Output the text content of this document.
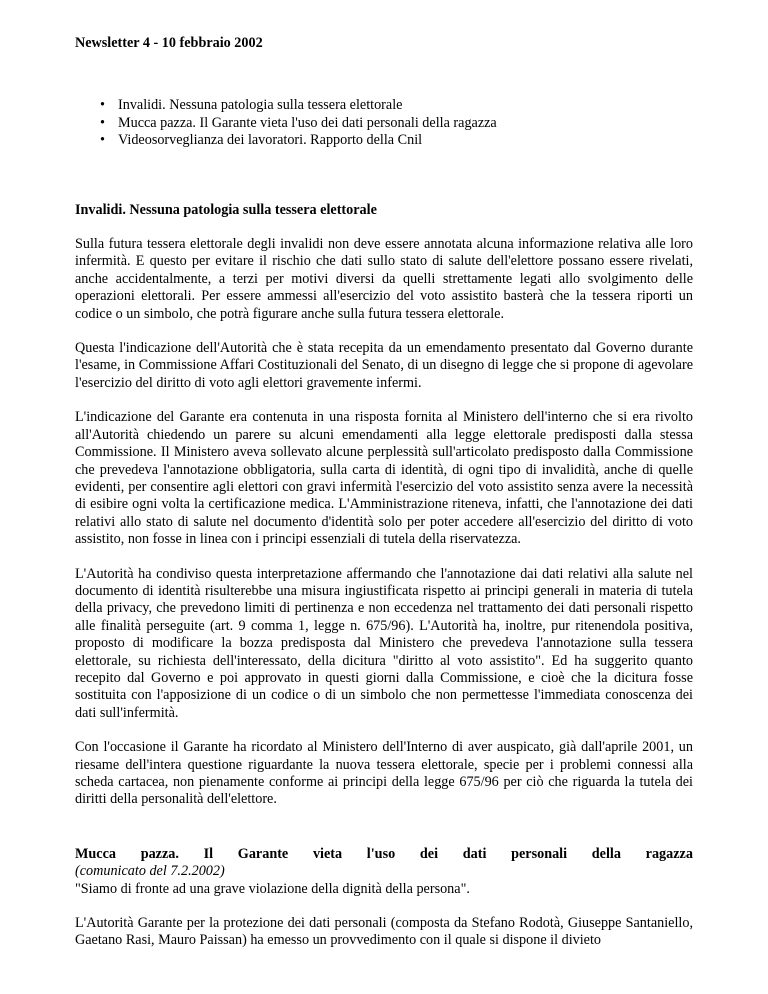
Newsletter 4 - 10 febbraio 2002

• Invalidi. Nessuna patologia sulla tessera elettorale
• Mucca pazza. Il Garante vieta l'uso dei dati personali della ragazza
• Videosorveglianza dei lavoratori. Rapporto della Cnil

Invalidi. Nessuna patologia sulla tessera elettorale

Sulla futura tessera elettorale degli invalidi non deve essere annotata alcuna informazione relativa alle loro infermità. E questo per evitare il rischio che dati sullo stato di salute dell'elettore possano essere rivelati, anche accidentalmente, a terzi per motivi diversi da quelli strettamente legati allo svolgimento delle operazioni elettorali. Per essere ammessi all'esercizio del voto assistito basterà che la tessera riporti un codice o un simbolo, che potrà figurare anche sulla futura tessera elettorale.

Questa l'indicazione dell'Autorità che è stata recepita da un emendamento presentato dal Governo durante l'esame, in Commissione Affari Costituzionali del Senato, di un disegno di legge che si propone di agevolare l'esercizio del diritto di voto agli elettori gravemente infermi.

L'indicazione del Garante era contenuta in una risposta fornita al Ministero dell'interno che si era rivolto all'Autorità chiedendo un parere su alcuni emendamenti alla legge elettorale predisposti dalla stessa Commissione. Il Ministero aveva sollevato alcune perplessità sull'articolato predisposto dalla Commissione che prevedeva l'annotazione obbligatoria, sulla carta di identità, di ogni tipo di invalidità, anche di quelle evidenti, per consentire agli elettori con gravi infermità l'esercizio del voto assistito senza avere la necessità di esibire ogni volta la certificazione medica. L'Amministrazione riteneva, infatti, che l'annotazione dei dati relativi allo stato di salute nel documento d'identità solo per poter accedere all'esercizio del diritto di voto assistito, non fosse in linea con i principi essenziali di tutela della riservatezza.

L'Autorità ha condiviso questa interpretazione affermando che l'annotazione dai dati relativi alla salute nel documento di identità risulterebbe una misura ingiustificata rispetto ai principi generali in materia di tutela della privacy, che prevedono limiti di pertinenza e non eccedenza nel trattamento dei dati personali rispetto alle finalità perseguite (art. 9 comma 1, legge n. 675/96). L'Autorità ha, inoltre, pur ritenendola positiva, proposto di modificare la bozza predisposta dal Ministero che prevedeva l'annotazione sulla tessera elettorale, su richiesta dell'interessato, della dicitura "diritto al voto assistito". Ed ha suggerito quanto recepito dal Governo e poi approvato in questi giorni dalla Commissione, e cioè che la dicitura fosse sostituita con l'apposizione di un codice o di un simbolo che non permettesse l'immediata conoscenza dei dati sull'infermità.

Con l'occasione il Garante ha ricordato al Ministero dell'Interno di aver auspicato, già dall'aprile 2001, un riesame dell'intera questione riguardante la nuova tessera elettorale, specie per i problemi connessi alla scheda cartacea, non pienamente conforme ai principi della legge 675/96 per ciò che riguarda la tutela dei diritti della personalità dell'elettore.

Mucca pazza. Il Garante vieta l'uso dei dati personali della ragazza
(comunicato del 7.2.2002)

"Siamo di fronte ad una grave violazione della dignità della persona".

L'Autorità Garante per la protezione dei dati personali (composta da Stefano Rodotà, Giuseppe Santaniello, Gaetano Rasi, Mauro Paissan) ha emesso un provvedimento con il quale si dispone il divieto
